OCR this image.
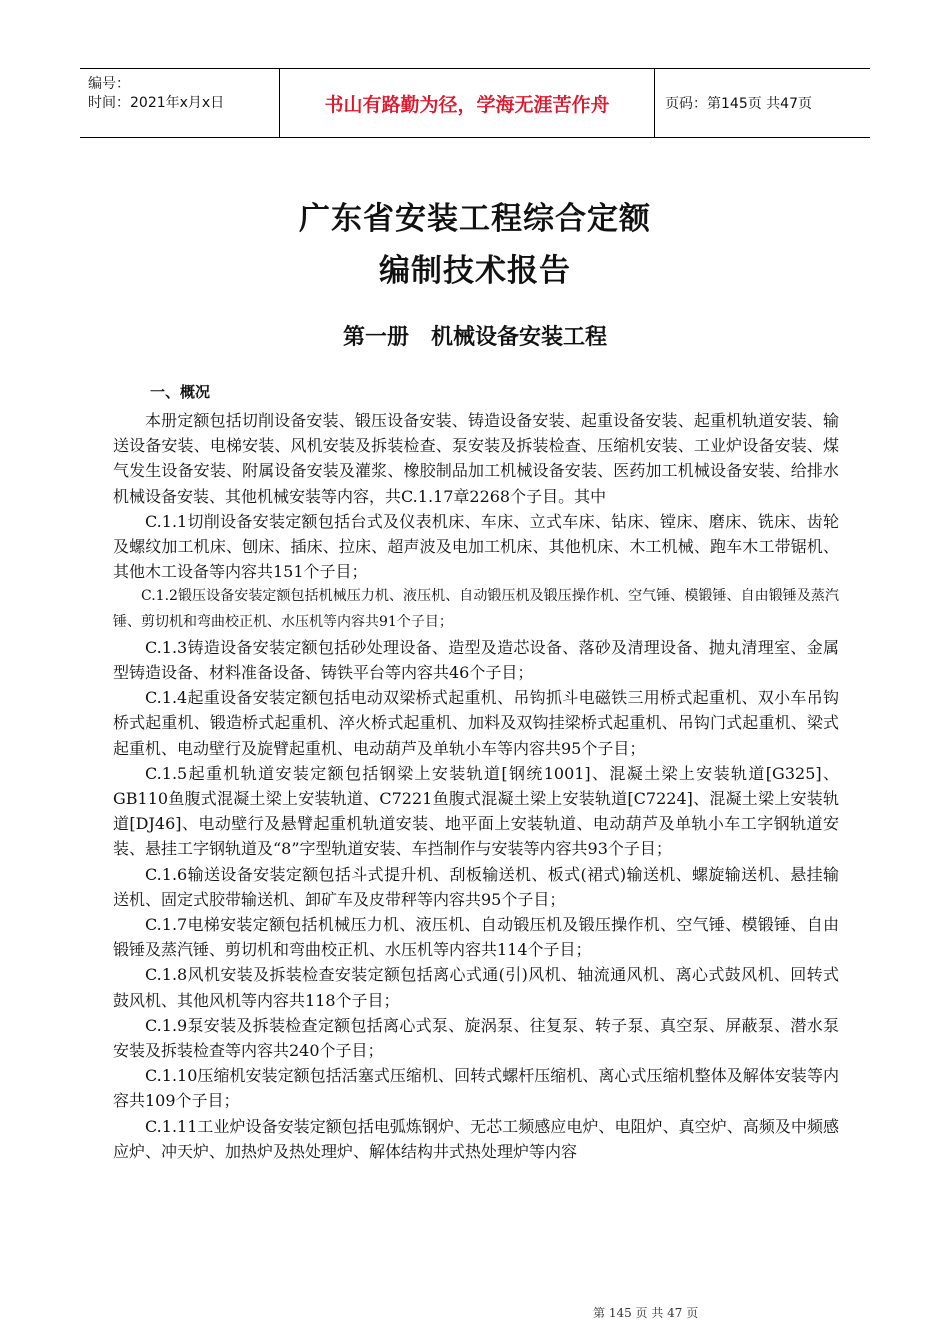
编号：
时间：2021年x月x日	书山有路勤为径，学海无涯苦作舟	页码：第145页 共47页
广东省安装工程综合定额
编制技术报告
第一册　机械设备安装工程
一、概况

本册定额包括切削设备安装、锻压设备安装、铸造设备安装、起重设备安装、起重机轨道安装、输送设备安装、电梯安装、风机安装及拆装检查、泵安装及拆装检查、压缩机安装、工业炉设备安装、煤气发生设备安装、附属设备安装及灌浆、橡胶制品加工机械设备安装、医药加工机械设备安装、给排水机械设备安装、其他机械安装等内容，共C.1.17章2268个子目。其中

C.1.1切削设备安装定额包括台式及仪表机床、车床、立式车床、钻床、镗床、磨床、铣床、齿轮及螺纹加工机床、刨床、插床、拉床、超声波及电加工机床、其他机床、木工机械、跑车木工带锯机、其他木工设备等内容共151个子目；

C.1.2锻压设备安装定额包括机械压力机、液压机、自动锻压机及锻压操作机、空气锤、模锻锤、自由锻锤及蒸汽锤、剪切机和弯曲校正机、水压机等内容共91个子目；

C.1.3铸造设备安装定额包括砂处理设备、造型及造芯设备、落砂及清理设备、抛丸清理室、金属型铸造设备、材料准备设备、铸铁平台等内容共46个子目；

C.1.4起重设备安装定额包括电动双梁桥式起重机、吊钩抓斗电磁铁三用桥式起重机、双小车吊钩桥式起重机、锻造桥式起重机、淬火桥式起重机、加料及双钩挂梁桥式起重机、吊钩门式起重机、梁式起重机、电动壁行及旋臂起重机、电动葫芦及单轨小车等内容共95个子目；

C.1.5起重机轨道安装定额包括钢梁上安装轨道[钢统1001]、混凝土梁上安装轨道[G325]、GB110鱼腹式混凝土梁上安装轨道、C7221鱼腹式混凝土梁上安装轨道[C7224]、混凝土梁上安装轨道[DJ46]、电动壁行及悬臂起重机轨道安装、地平面上安装轨道、电动葫芦及单轨小车工字钢轨道安装、悬挂工字钢轨道及“8”字型轨道安装、车挡制作与安装等内容共93个子目；

C.1.6输送设备安装定额包括斗式提升机、刮板输送机、板式(裙式)输送机、螺旋输送机、悬挂输送机、固定式胶带输送机、卸矿车及皮带秤等内容共95个子目；

C.1.7电梯安装定额包括机械压力机、液压机、自动锻压机及锻压操作机、空气锤、模锻锤、自由锻锤及蒸汽锤、剪切机和弯曲校正机、水压机等内容共114个子目；

C.1.8风机安装及拆装检查安装定额包括离心式通(引)风机、轴流通风机、离心式鼓风机、回转式鼓风机、其他风机等内容共118个子目；

C.1.9泵安装及拆装检查定额包括离心式泵、旋涡泵、往复泵、转子泵、真空泵、屏蔽泵、潜水泵安装及拆装检查等内容共240个子目；

C.1.10压缩机安装定额包括活塞式压缩机、回转式螺杆压缩机、离心式压缩机整体及解体安装等内容共109个子目；

C.1.11工业炉设备安装定额包括电弧炼钢炉、无芯工频感应电炉、电阻炉、真空炉、高频及中频感应炉、冲天炉、加热炉及热处理炉、解体结构井式热处理炉等内容

第 145 页 共 47 页
